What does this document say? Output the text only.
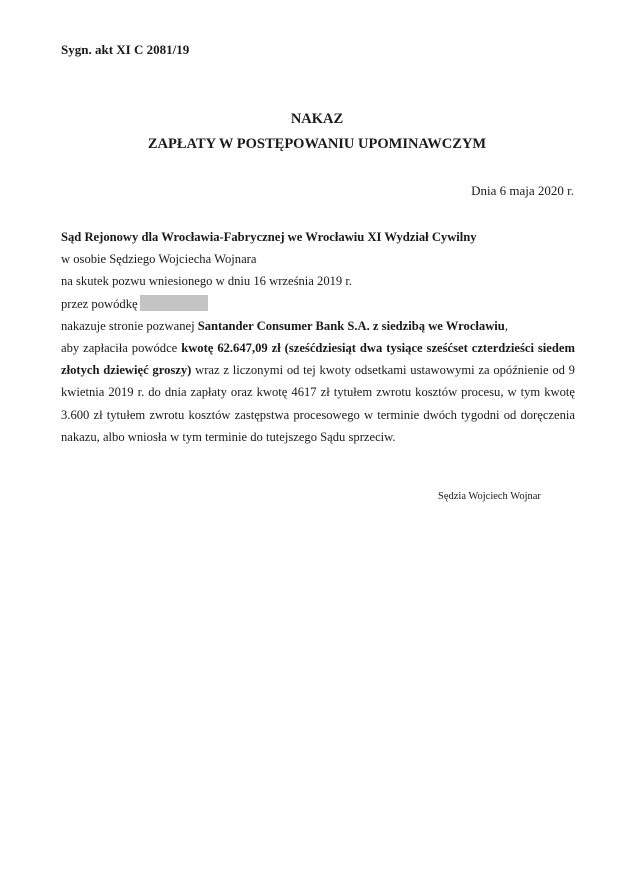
Sygn. akt XI C 2081/19
NAKAZ
ZAPŁATY W POSTĘPOWANIU UPOMINAWCZYM
Dnia 6 maja 2020 r.
Sąd Rejonowy dla Wrocławia-Fabrycznej we Wrocławiu XI Wydział Cywilny
w osobie Sędziego Wojciecha Wojnara
na skutek pozwu wniesionego w dniu 16 września 2019 r.
przez powódkę
nakazuje stronie pozwanej Santander Consumer Bank S.A. z siedzibą we Wrocławiu,
aby zapłaciła powódce kwotę 62.647,09 zł (sześćdziesiąt dwa tysiące sześćset czterdzieści siedem złotych dziewięć groszy) wraz z liczonymi od tej kwoty odsetkami ustawowymi za opóźnienie od 9 kwietnia 2019 r. do dnia zapłaty oraz kwotę 4617 zł tytułem zwrotu kosztów procesu, w tym kwotę 3.600 zł tytułem zwrotu kosztów zastępstwa procesowego w terminie dwóch tygodni od doręczenia nakazu, albo wniosła w tym terminie do tutejszego Sądu sprzeciw.
Sędzia Wojciech Wojnar
